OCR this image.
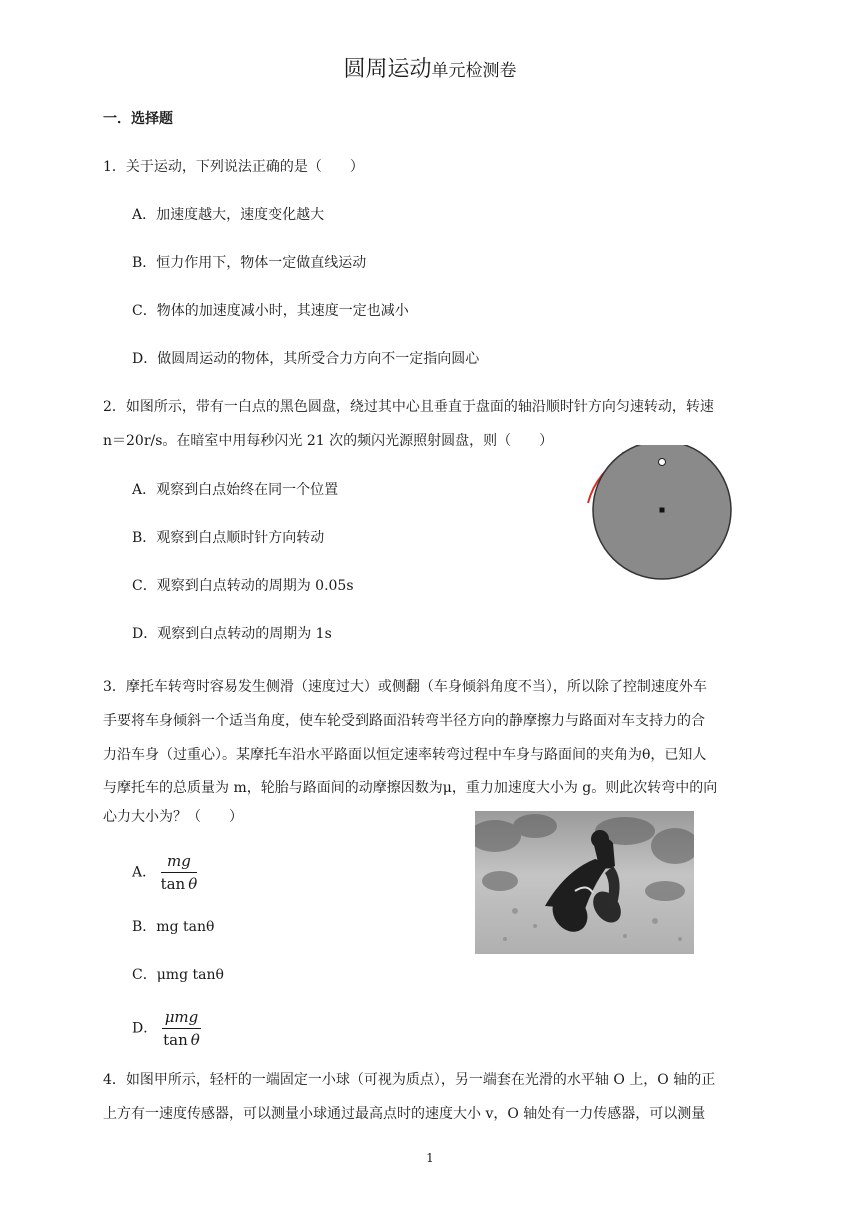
圆周运动单元检测卷
一．选择题
1．关于运动，下列说法正确的是（　　）
A．加速度越大，速度变化越大
B．恒力作用下，物体一定做直线运动
C．物体的加速度减小时，其速度一定也减小
D．做圆周运动的物体，其所受合力方向不一定指向圆心
2．如图所示，带有一白点的黑色圆盘，绕过其中心且垂直于盘面的轴沿顺时针方向匀速转动，转速
n＝20r/s。在暗室中用每秒闪光 21 次的频闪光源照射圆盘，则（　　）
A．观察到白点始终在同一个位置
B．观察到白点顺时针方向转动
C．观察到白点转动的周期为 0.05s
D．观察到白点转动的周期为 1s
3．摩托车转弯时容易发生侧滑（速度过大）或侧翻（车身倾斜角度不当），所以除了控制速度外车
手要将车身倾斜一个适当角度，使车轮受到路面沿转弯半径方向的静摩擦力与路面对车支持力的合
力沿车身（过重心）。某摩托车沿水平路面以恒定速率转弯过程中车身与路面间的夹角为θ，已知人
与摩托车的总质量为 m，轮胎与路面间的动摩擦因数为μ，重力加速度大小为 g。则此次转弯中的向
心力大小为？（　　）
A． $\frac{mg}{\text{tan  θ}}$
B．mg tanθ
C．μmg tanθ
D． $\frac{\text{μmg}}{\text{tan  θ}}$
4．如图甲所示，轻杆的一端固定一小球（可视为质点），另一端套在光滑的水平轴 O 上，O 轴的正
上方有一速度传感器，可以测量小球通过最高点时的速度大小 v，O 轴处有一力传感器，可以测量
1
